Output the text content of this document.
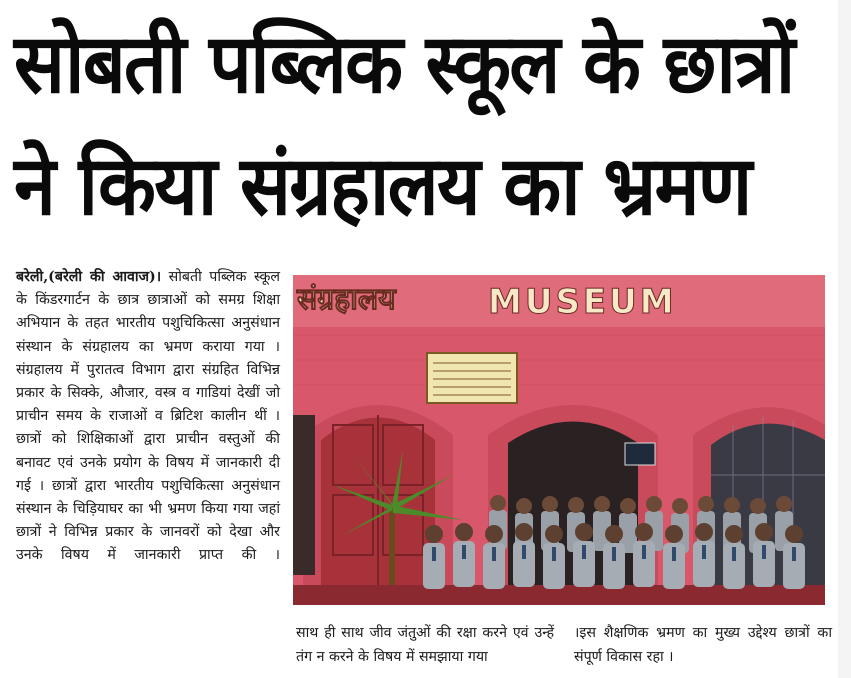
सोबती पब्लिक स्कूल के छात्रों
ने किया संग्रहालय का भ्रमण

बरेली,(बरेली की आवाज)। सोबती पब्लिक स्कूल के किंडरगार्टन के छात्र छात्राओं को समग्र शिक्षा अभियान के तहत भारतीय पशुचिकित्सा अनुसंधान संस्थान के संग्रहालय का भ्रमण कराया गया । संग्रहालय में पुरातत्व विभाग द्वारा संग्रहित विभिन्न प्रकार के सिक्के, औजार, वस्त्र व गाडियां देखीं जो प्राचीन समय के राजाओं व ब्रिटिश कालीन थीं । छात्रों को शिक्षिकाओं द्वारा प्राचीन वस्तुओं की बनावट एवं उनके प्रयोग के विषय में जानकारी दी गई । छात्रों द्वारा भारतीय पशुचिकित्सा अनुसंधान संस्थान के चिड़ियाघर का भी भ्रमण किया गया जहां छात्रों ने विभिन्न प्रकार के जानवरों को देखा और उनके विषय में जानकारी प्राप्त की ।

संग्रहालय	MUSEUM
साथ ही साथ जीव जंतुओं की रक्षा करने एवं उन्हें तंग न करने के विषय में समझाया गया
।इस शैक्षणिक भ्रमण का मुख्य उद्देश्य छात्रों का संपूर्ण विकास रहा ।
